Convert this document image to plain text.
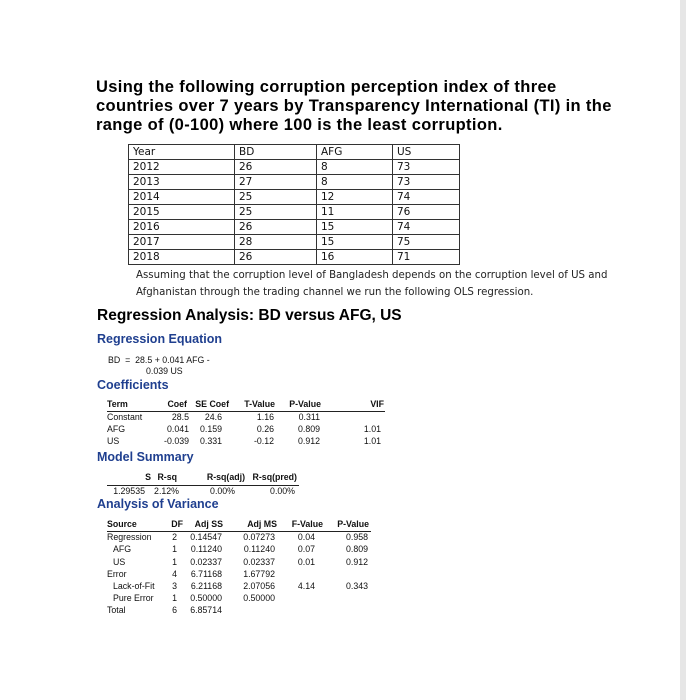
Using the following corruption perception index of three countries over 7 years by Transparency International (TI) in the range of (0-100) where 100 is the least corruption.

Year	BD	AFG	US
2012	26	8	73
2013	27	8	73
2014	25	12	74
2015	25	11	76
2016	26	15	74
2017	28	15	75
2018	26	16	71

Assuming that the corruption level of Bangladesh depends on the corruption level of US and Afghanistan through the trading channel we run the following OLS regression.

Regression Analysis: BD versus AFG, US

Regression Equation

BD  =  28.5 + 0.041 AFG -
0.039 US

Coefficients

Term	Coef SE Coef T-Value P-Value	VIF
Constant	28.5 24.6	1.16	0.311
AFG	0.041 0.159	0.26	0.809	1.01
US	-0.039 0.331	-0.12	0.912	1.01

Model Summary

S R-sq	R-sq(adj) R-sq(pred)
1.29535 2.12%	0.00%	0.00%

Analysis of Variance

Source	DF Adj SS	Adj MS F-Value P-Value
Regression 2 0.14547 0.07273	0.04	0.958
AFG	1 0.11240 0.11240	0.07	0.809
US	1 0.02337 0.02337	0.01	0.912
Error	4 6.71168 1.67792
Lack-of-Fit 3 6.21168 2.07056	4.14	0.343
Pure Error 1 0.50000 0.50000
Total	6 6.85714
